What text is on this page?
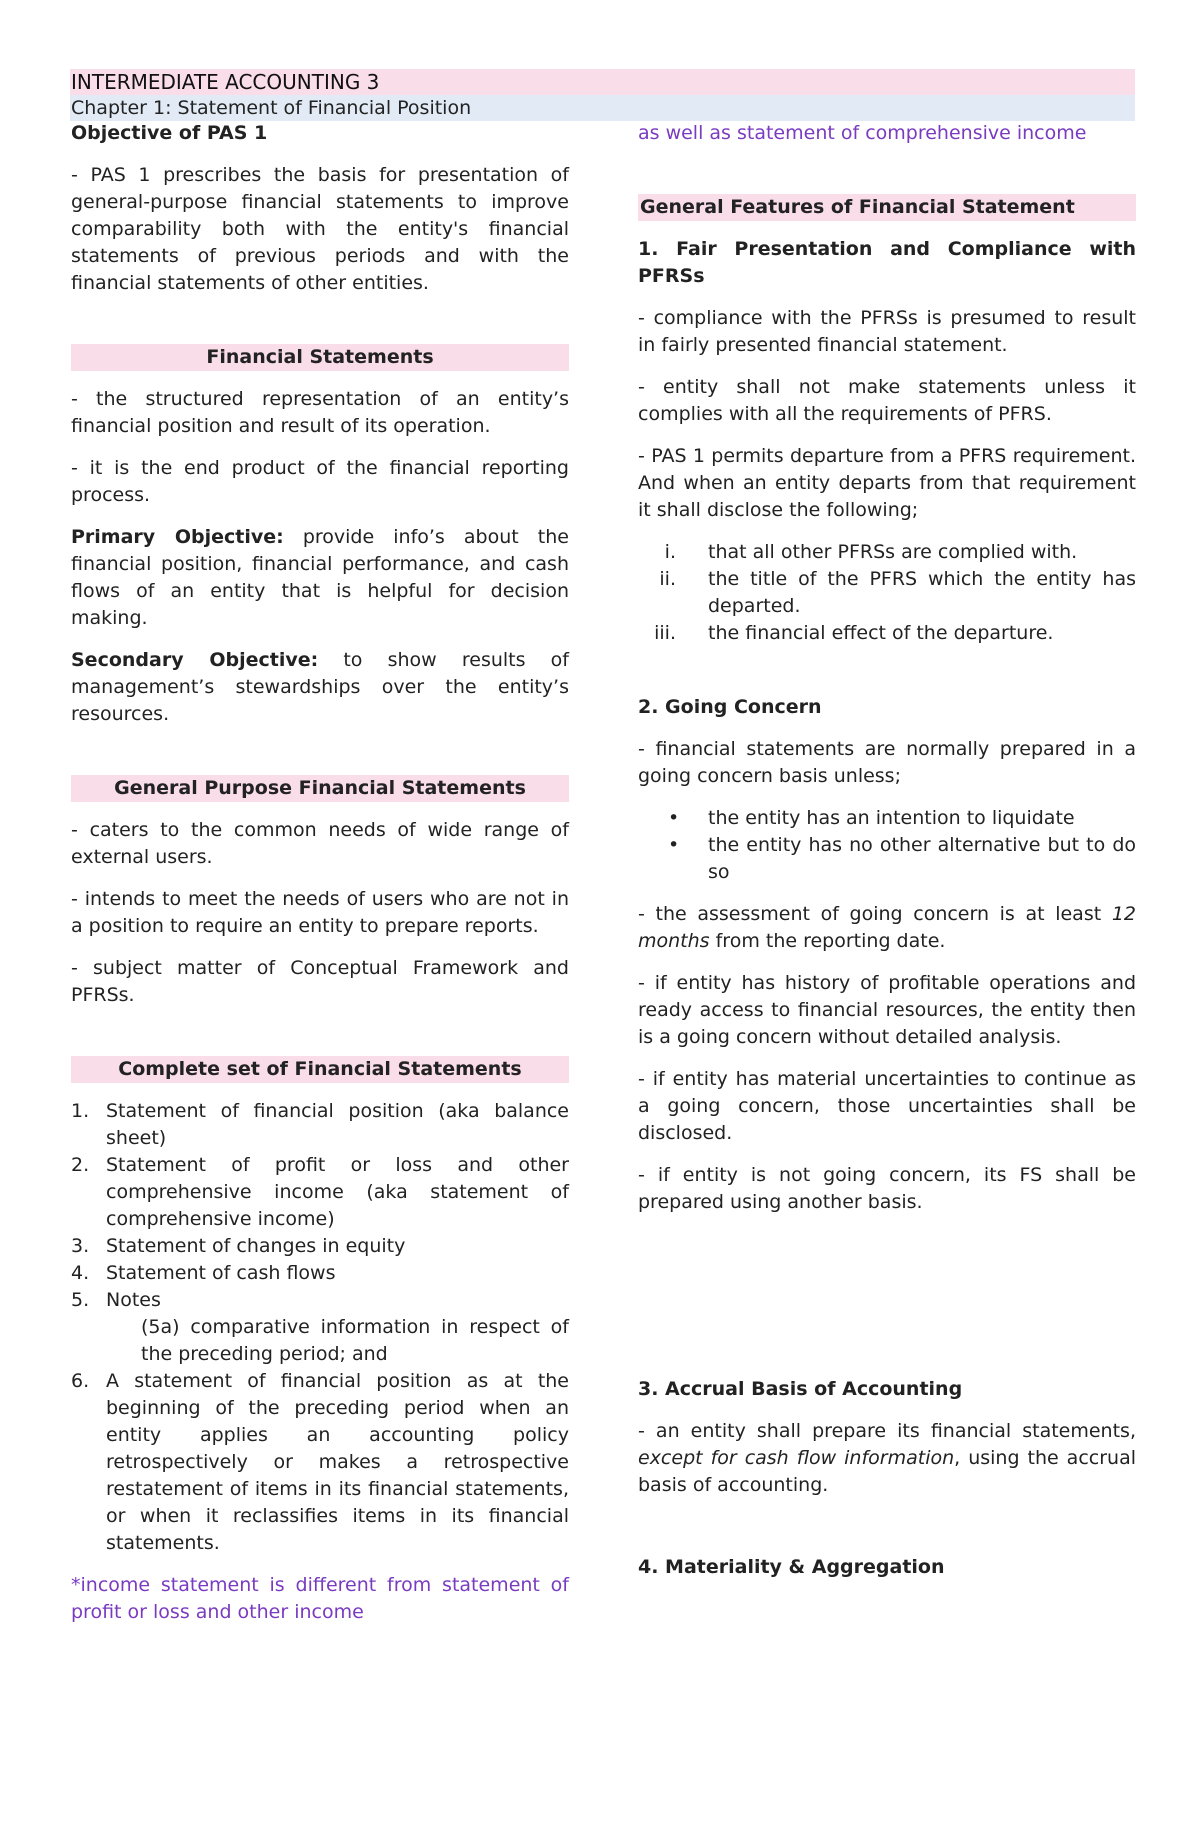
INTERMEDIATE ACCOUNTING 3
Chapter 1: Statement of Financial Position
Objective of PAS 1

- PAS 1 prescribes the basis for presentation of general-purpose financial statements to improve comparability both with the entity's financial statements of previous periods and with the financial statements of other entities.

Financial Statements

- the structured representation of an entity’s financial position and result of its operation.

- it is the end product of the financial reporting process.

Primary Objective: provide info’s about the financial position, financial performance, and cash flows of an entity that is helpful for decision making.

Secondary Objective: to show results of management’s stewardships over the entity’s resources.

General Purpose Financial Statements

- caters to the common needs of wide range of external users.

- intends to meet the needs of users who are not in a position to require an entity to prepare reports.

- subject matter of Conceptual Framework and PFRSs.

Complete set of Financial Statements
1. Statement of financial position (aka balance sheet)
2. Statement of profit or loss and other comprehensive income (aka statement of comprehensive income)
3. Statement of changes in equity
4. Statement of cash flows
5. Notes
(5a) comparative information in respect of the preceding period; and
6. A statement of financial position as at the beginning of the preceding period when an entity applies an accounting policy retrospectively or makes a retrospective restatement of items in its financial statements, or when it reclassifies items in its financial statements.

*income statement is different from statement of profit or loss and other income

as well as statement of comprehensive income

General Features of Financial Statement

1. Fair Presentation and Compliance with PFRSs

- compliance with the PFRSs is presumed to result in fairly presented financial statement.

- entity shall not make statements unless it complies with all the requirements of PFRS.

- PAS 1 permits departure from a PFRS requirement. And when an entity departs from that requirement it shall disclose the following;

i. that all other PFRSs are complied with.
ii. the title of the PFRS which the entity has departed.
iii. the financial effect of the departure.
2. Going Concern

- financial statements are normally prepared in a going concern basis unless;

• the entity has an intention to liquidate
• the entity has no other alternative but to do so

- the assessment of going concern is at least 12 months from the reporting date.

- if entity has history of profitable operations and ready access to financial resources, the entity then is a going concern without detailed analysis.

- if entity has material uncertainties to continue as a going concern, those uncertainties shall be disclosed.

- if entity is not going concern, its FS shall be prepared using another basis.

3. Accrual Basis of Accounting

- an entity shall prepare its financial statements, except for cash flow information, using the accrual basis of accounting.

4. Materiality & Aggregation
